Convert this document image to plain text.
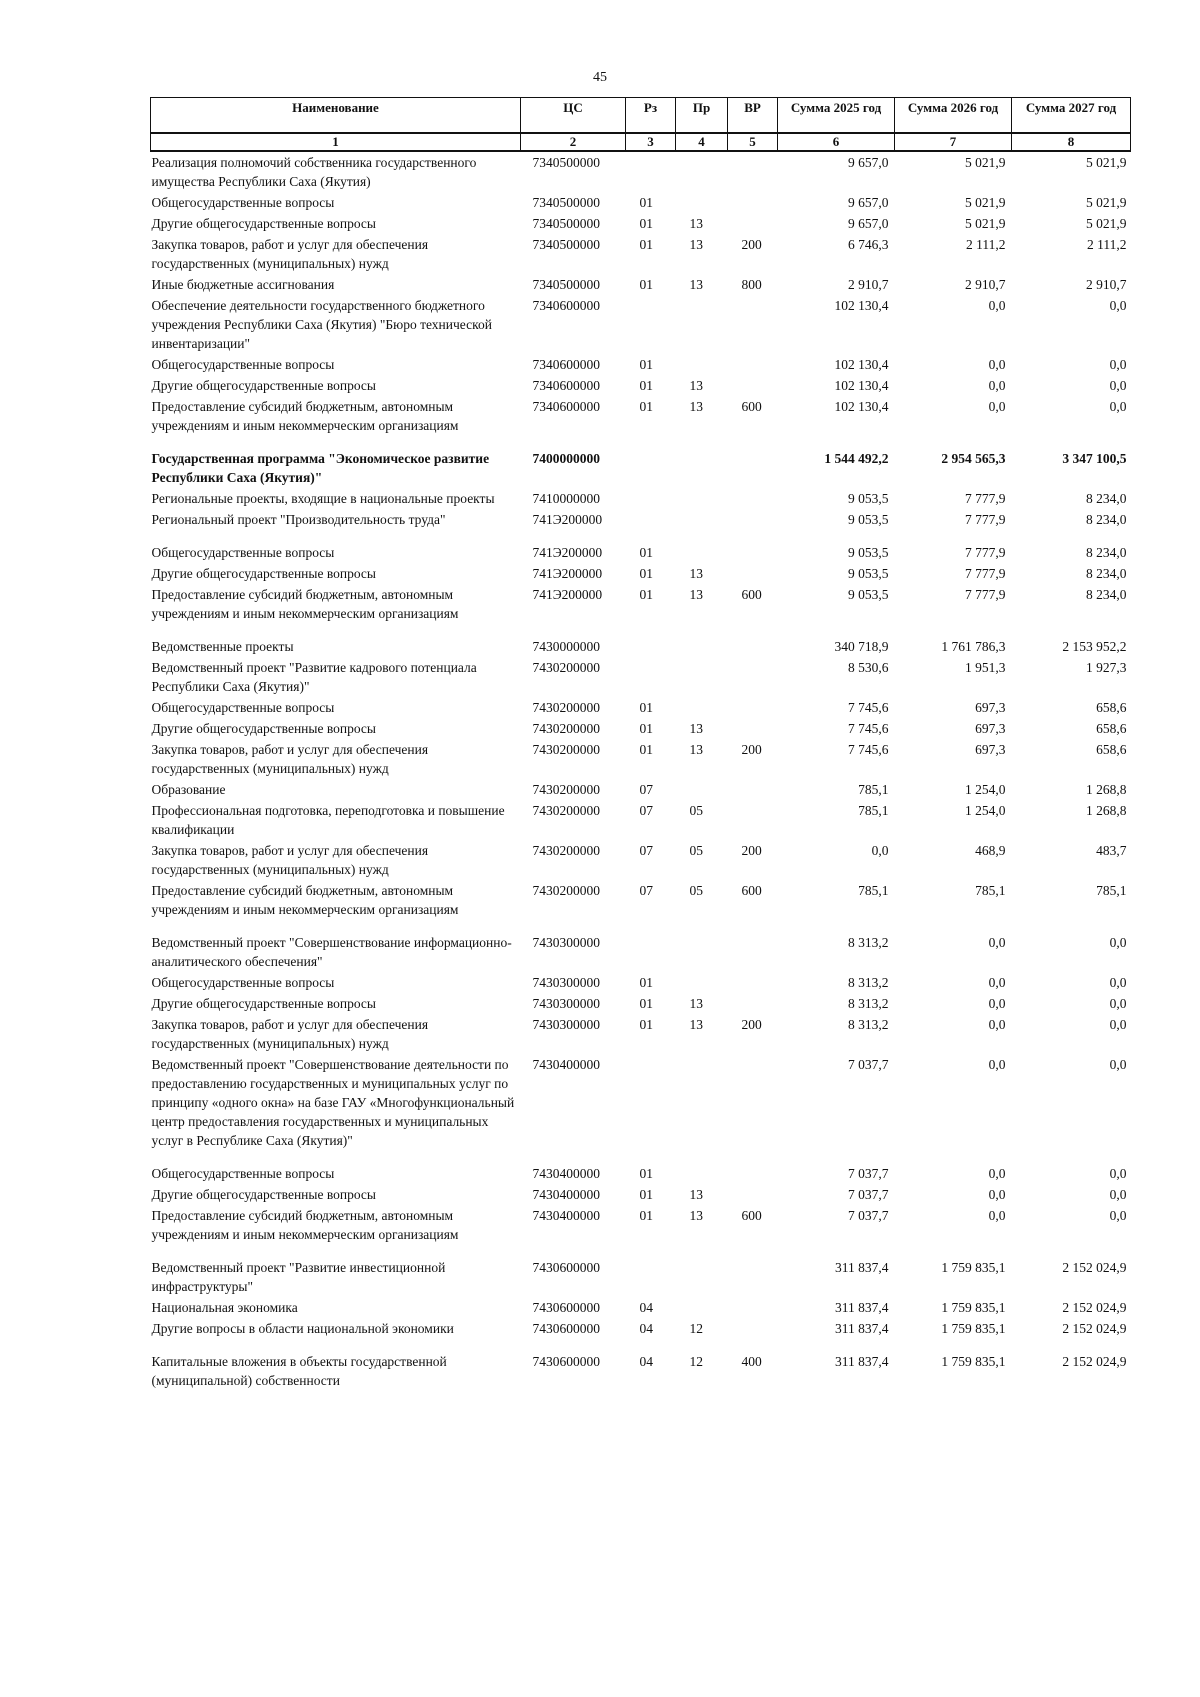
45
Наименование	ЦС	Рз	Пр	ВР	Сумма 2025 год	Сумма 2026 год	Сумма 2027 год
1	2	3	4	5	6	7	8
Реализация полномочий собственника государственного имущества Республики Саха (Якутия)	7340500000				9 657,0	5 021,9	5 021,9
Общегосударственные вопросы	7340500000	01			9 657,0	5 021,9	5 021,9
Другие общегосударственные вопросы	7340500000	01	13		9 657,0	5 021,9	5 021,9
Закупка товаров, работ и услуг для обеспечения государственных (муниципальных) нужд	7340500000	01	13	200	6 746,3	2 111,2	2 111,2
Иные бюджетные ассигнования	7340500000	01	13	800	2 910,7	2 910,7	2 910,7
Обеспечение деятельности государственного бюджетного учреждения Республики Саха (Якутия) "Бюро технической инвентаризации"	7340600000				102 130,4	0,0	0,0
Общегосударственные вопросы	7340600000	01			102 130,4	0,0	0,0
Другие общегосударственные вопросы	7340600000	01	13		102 130,4	0,0	0,0
Предоставление субсидий бюджетным, автономным учреждениям и иным некоммерческим организациям	7340600000	01	13	600	102 130,4	0,0	0,0

Государственная программа "Экономическое развитие Республики Саха (Якутия)"	7400000000				1 544 492,2	2 954 565,3	3 347 100,5
Региональные проекты, входящие в национальные проекты	7410000000				9 053,5	7 777,9	8 234,0
Региональный проект "Производительность труда"	741Э200000				9 053,5	7 777,9	8 234,0

Общегосударственные вопросы	741Э200000	01			9 053,5	7 777,9	8 234,0
Другие общегосударственные вопросы	741Э200000	01	13		9 053,5	7 777,9	8 234,0
Предоставление субсидий бюджетным, автономным учреждениям и иным некоммерческим организациям	741Э200000	01	13	600	9 053,5	7 777,9	8 234,0

Ведомственные проекты	7430000000				340 718,9	1 761 786,3	2 153 952,2
Ведомственный проект "Развитие кадрового потенциала Республики Саха (Якутия)"	7430200000				8 530,6	1 951,3	1 927,3
Общегосударственные вопросы	7430200000	01			7 745,6	697,3	658,6
Другие общегосударственные вопросы	7430200000	01	13		7 745,6	697,3	658,6
Закупка товаров, работ и услуг для обеспечения государственных (муниципальных) нужд	7430200000	01	13	200	7 745,6	697,3	658,6
Образование	7430200000	07			785,1	1 254,0	1 268,8
Профессиональная подготовка, переподготовка и повышение квалификации	7430200000	07	05		785,1	1 254,0	1 268,8
Закупка товаров, работ и услуг для обеспечения государственных (муниципальных) нужд	7430200000	07	05	200	0,0	468,9	483,7
Предоставление субсидий бюджетным, автономным учреждениям и иным некоммерческим организациям	7430200000	07	05	600	785,1	785,1	785,1

Ведомственный проект "Совершенствование информационно-аналитического обеспечения"	7430300000				8 313,2	0,0	0,0
Общегосударственные вопросы	7430300000	01			8 313,2	0,0	0,0
Другие общегосударственные вопросы	7430300000	01	13		8 313,2	0,0	0,0
Закупка товаров, работ и услуг для обеспечения государственных (муниципальных) нужд	7430300000	01	13	200	8 313,2	0,0	0,0
Ведомственный проект "Совершенствование деятельности по предоставлению государственных и муниципальных услуг по принципу «одного окна» на базе ГАУ «Многофункциональный центр предоставления государственных и муниципальных услуг в Республике Саха (Якутия)"	7430400000				7 037,7	0,0	0,0

Общегосударственные вопросы	7430400000	01			7 037,7	0,0	0,0
Другие общегосударственные вопросы	7430400000	01	13		7 037,7	0,0	0,0
Предоставление субсидий бюджетным, автономным учреждениям и иным некоммерческим организациям	7430400000	01	13	600	7 037,7	0,0	0,0

Ведомственный проект "Развитие инвестиционной инфраструктуры"	7430600000				311 837,4	1 759 835,1	2 152 024,9
Национальная экономика	7430600000	04			311 837,4	1 759 835,1	2 152 024,9
Другие вопросы в области национальной экономики	7430600000	04	12		311 837,4	1 759 835,1	2 152 024,9

Капитальные вложения в объекты государственной (муниципальной) собственности	7430600000	04	12	400	311 837,4	1 759 835,1	2 152 024,9
